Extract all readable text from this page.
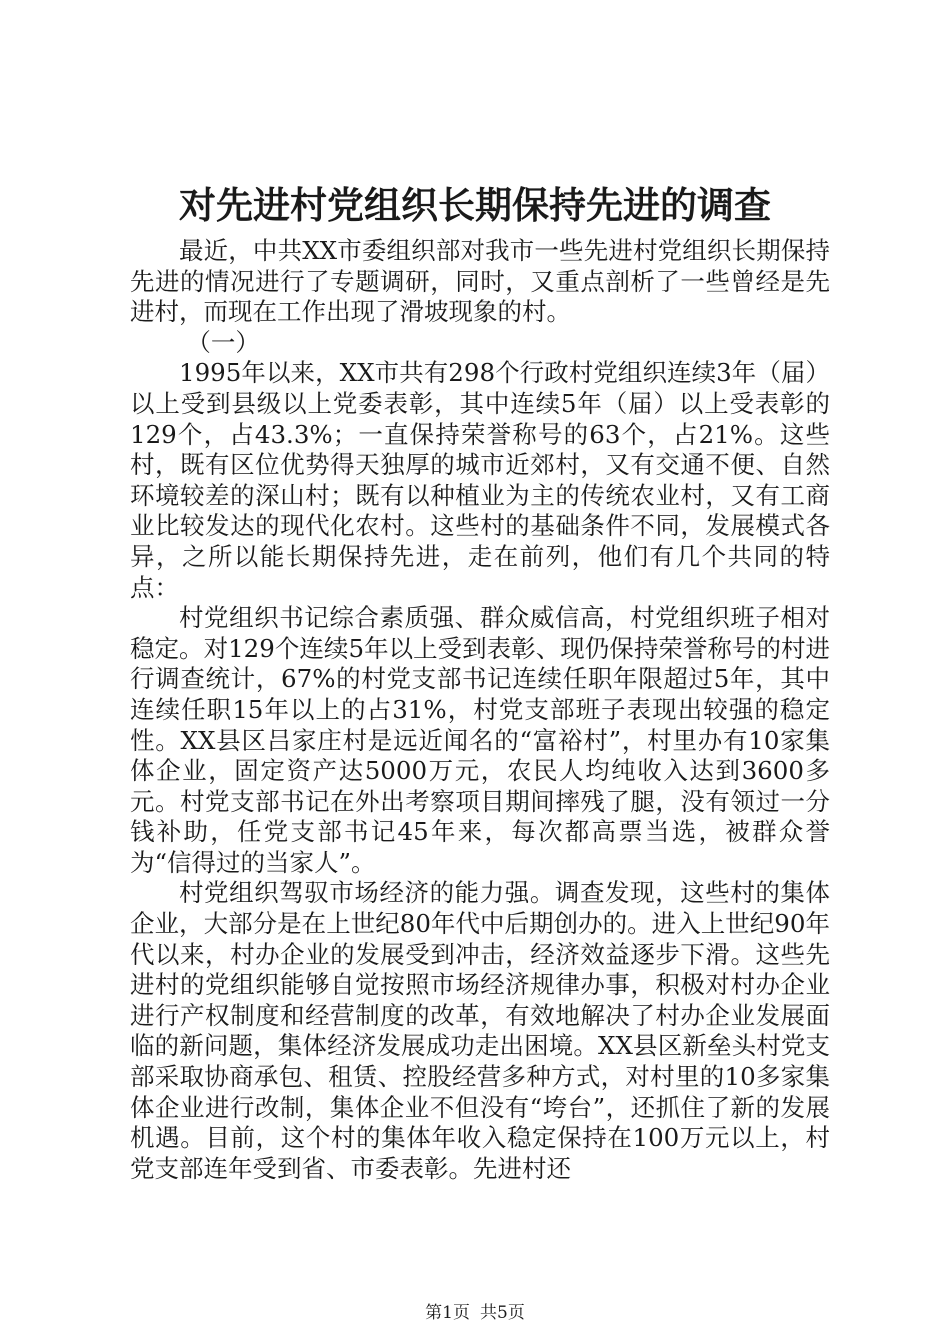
对先进村党组织长期保持先进的调查

最近，中共XX市委组织部对我市一些先进村党组织长期保持先进的情况进行了专题调研，同时，又重点剖析了一些曾经是先进村，而现在工作出现了滑坡现象的村。

（一）

1995年以来，XX市共有298个行政村党组织连续3年（届）以上受到县级以上党委表彰，其中连续5年（届）以上受表彰的129个，占43.3%；一直保持荣誉称号的63个，占21%。这些村，既有区位优势得天独厚的城市近郊村，又有交通不便、自然环境较差的深山村；既有以种植业为主的传统农业村，又有工商业比较发达的现代化农村。这些村的基础条件不同，发展模式各异，之所以能长期保持先进，走在前列，他们有几个共同的特点：

村党组织书记综合素质强、群众威信高，村党组织班子相对稳定。对129个连续5年以上受到表彰、现仍保持荣誉称号的村进行调查统计，67%的村党支部书记连续任职年限超过5年，其中连续任职15年以上的占31%，村党支部班子表现出较强的稳定性。XX县区吕家庄村是远近闻名的“富裕村”，村里办有10家集体企业，固定资产达5000万元，农民人均纯收入达到3600多元。村党支部书记在外出考察项目期间摔残了腿，没有领过一分钱补助，任党支部书记45年来，每次都高票当选，被群众誉为“信得过的当家人”。

村党组织驾驭市场经济的能力强。调查发现，这些村的集体企业，大部分是在上世纪80年代中后期创办的。进入上世纪90年代以来，村办企业的发展受到冲击，经济效益逐步下滑。这些先进村的党组织能够自觉按照市场经济规律办事，积极对村办企业进行产权制度和经营制度的改革，有效地解决了村办企业发展面临的新问题，集体经济发展成功走出困境。XX县区新垒头村党支部采取协商承包、租赁、控股经营多种方式，对村里的10多家集体企业进行改制，集体企业不但没有“垮台”，还抓住了新的发展机遇。目前，这个村的集体年收入稳定保持在100万元以上，村党支部连年受到省、市委表彰。先进村还

第1页 共5页
